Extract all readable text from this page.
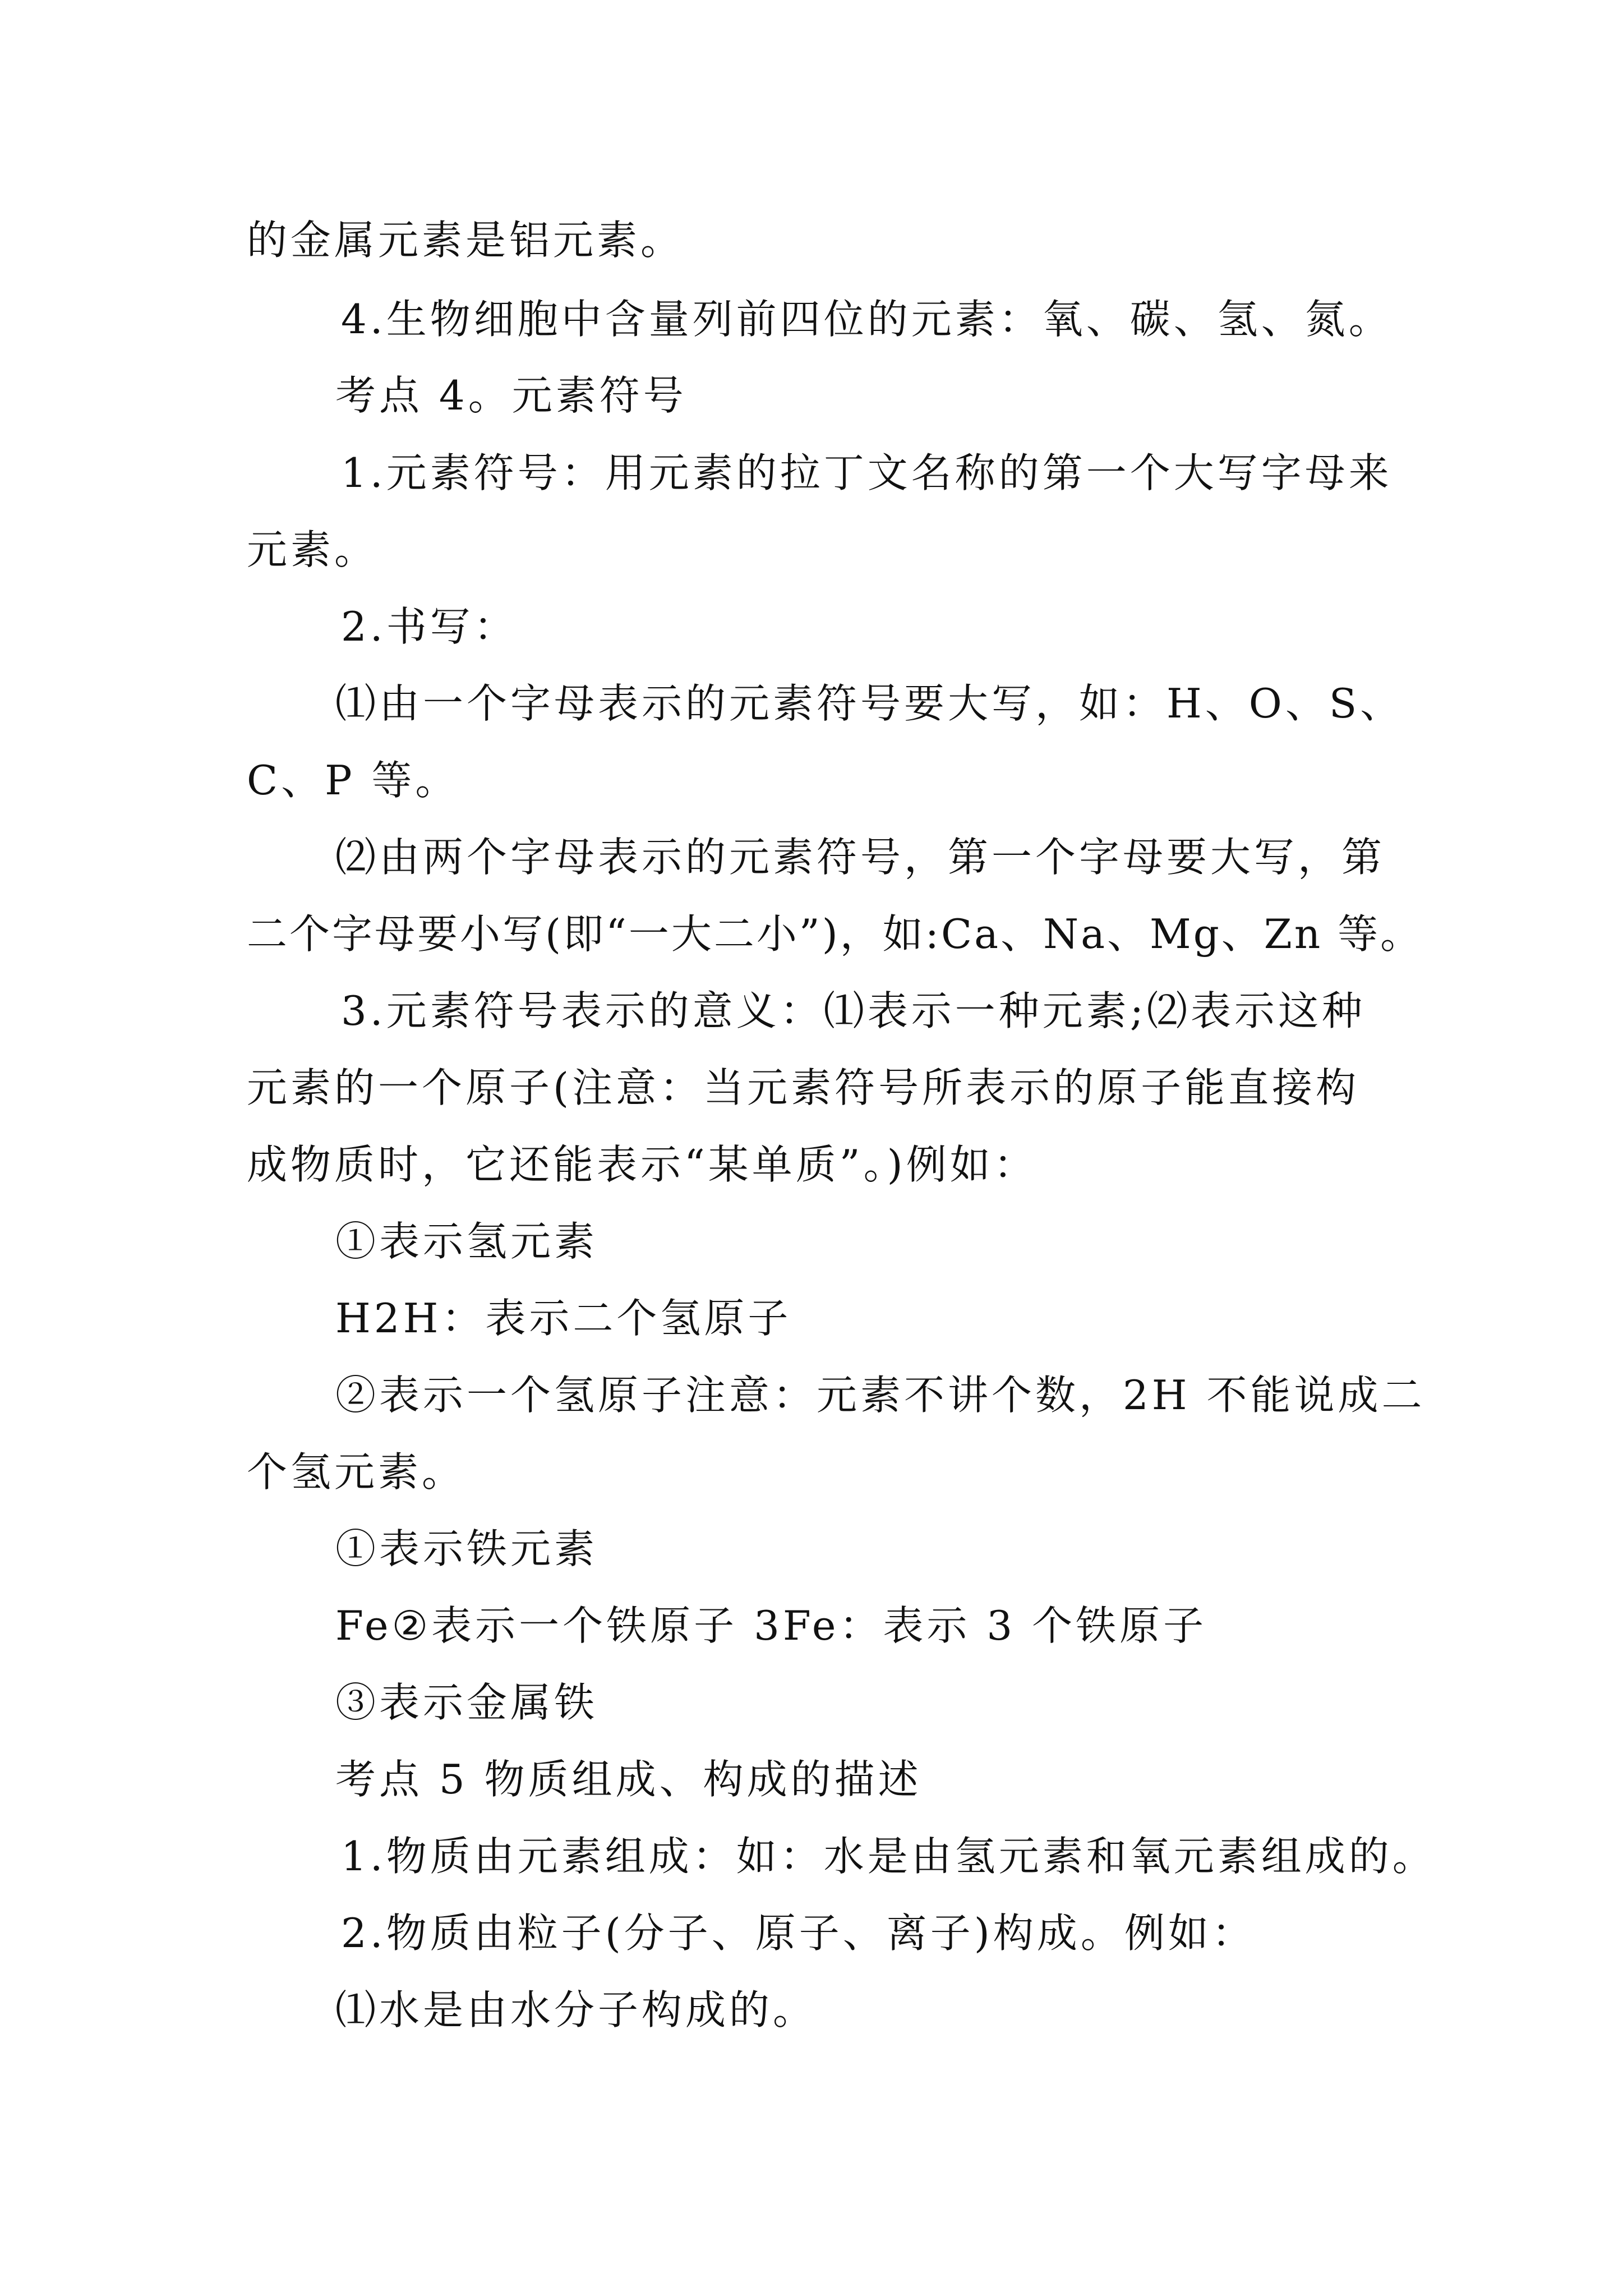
的金属元素是铝元素。

4.生物细胞中含量列前四位的元素：氧、碳、氢、氮。

考点 4。元素符号

1.元素符号：用元素的拉丁文名称的第一个大写字母来

元素。

2.书写：

⑴由一个字母表示的元素符号要大写，如：H、O、S、

C、P 等。

⑵由两个字母表示的元素符号，第一个字母要大写，第

二个字母要小写(即“一大二小”)，如:Ca、Na、Mg、Zn 等。

3.元素符号表示的意义：⑴表示一种元素;⑵表示这种

元素的一个原子(注意：当元素符号所表示的原子能直接构

成物质时，它还能表示“某单质”。)例如：

①表示氢元素

H2H：表示二个氢原子

②表示一个氢原子注意：元素不讲个数，2H 不能说成二

个氢元素。

①表示铁元素

Fe②表示一个铁原子 3Fe：表示 3 个铁原子

③表示金属铁

考点 5 物质组成、构成的描述

1.物质由元素组成：如：水是由氢元素和氧元素组成的。

2.物质由粒子(分子、原子、离子)构成。例如：

⑴水是由水分子构成的。
